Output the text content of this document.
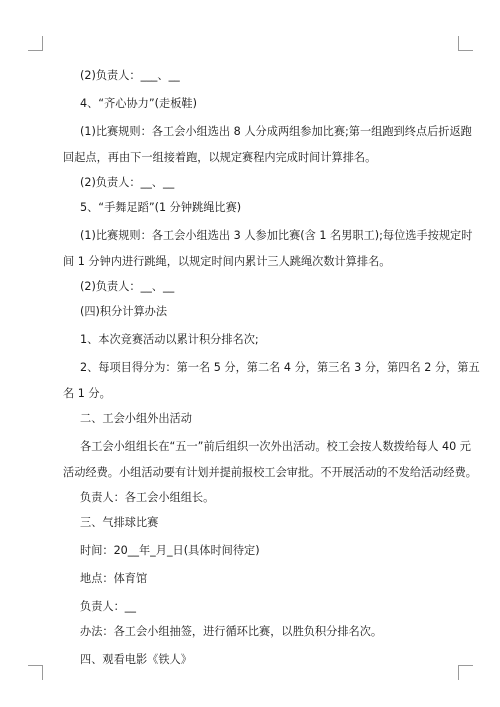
(2)负责人：___、__
4、“齐心协力”(走板鞋)
(1)比赛规则：各工会小组选出 8 人分成两组参加比赛;第一组跑到终点后折返跑
回起点，再由下一组接着跑，以规定赛程内完成时间计算排名。
(2)负责人：__、__
5、“手舞足蹈”(1 分钟跳绳比赛)
(1)比赛规则：各工会小组选出 3 人参加比赛(含 1 名男职工);每位选手按规定时
间 1 分钟内进行跳绳，以规定时间内累计三人跳绳次数计算排名。
(2)负责人：__、__
(四)积分计算办法
1、本次竞赛活动以累计积分排名次;
2、每项目得分为：第一名 5 分，第二名 4 分，第三名 3 分，第四名 2 分，第五
名 1 分。
二、工会小组外出活动
各工会小组组长在“五一”前后组织一次外出活动。校工会按人数拨给每人 40 元
活动经费。小组活动要有计划并提前报校工会审批。不开展活动的不发给活动经费。
负责人：各工会小组组长。
三、气排球比赛
时间：20__年_月_日(具体时间待定)
地点：体育馆
负责人：__
办法：各工会小组抽签，进行循环比赛，以胜负积分排名次。
四、观看电影《铁人》
